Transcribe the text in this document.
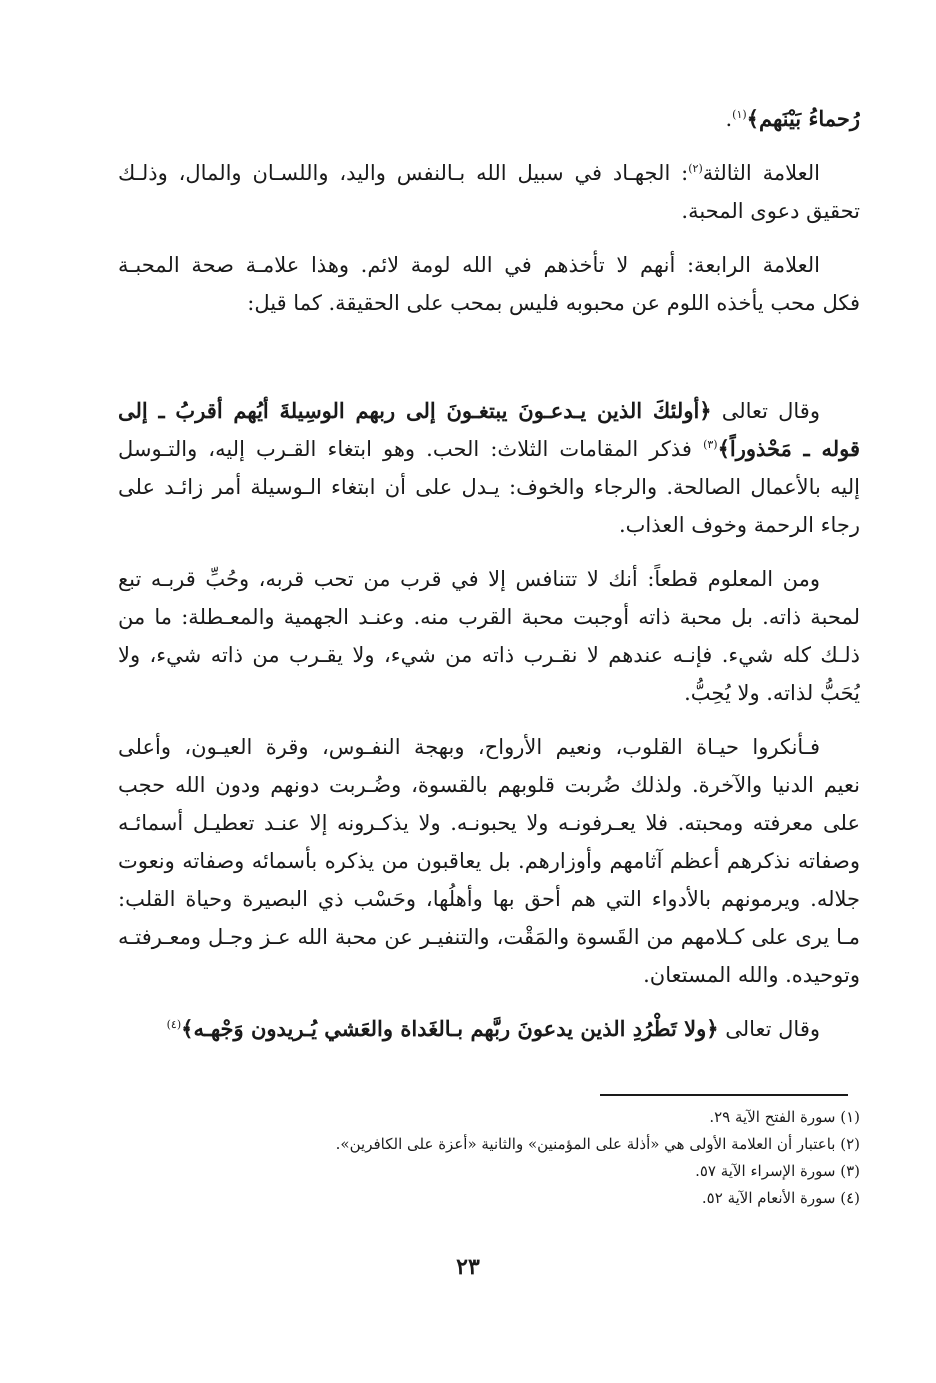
رُحماءُ بَيْنَهم﴾$^{(١)}$.
العلامة الثالثة$^{(٢)}$: الجهـاد في سبيل الله بـالنفس واليد، واللسـان والمال، وذلـك
تحقيق دعوى المحبة.
العلامة الرابعة: أنهم لا تأخذهم في الله لومة لائم. وهذا علامـة صحة المحبـة
فكل محب يأخذه اللوم عن محبوبه فليس بمحب على الحقيقة. كما قيل:
وقال تعالى ﴿أولئكَ الذين يـدعـونَ يبتغـونَ إلى ربهم الوسِيلةَ أيُهم أقربُ ـ إلى
قوله ـ مَحْذوراً﴾$^{(٣)}$ فذكر المقامات الثلاث: الحب. وهو ابتغاء القـرب إليه، والتـوسل
إليه بالأعمال الصالحة. والرجاء والخوف: يـدل على أن ابتغاء الـوسيلة أمر زائـد على
رجاء الرحمة وخوف العذاب.
ومن المعلوم قطعاً: أنك لا تتنافس إلا في قرب من تحب قربه، وحُبِّ قربـه تبع
لمحبة ذاته. بل محبة ذاته أوجبت محبة القرب منه. وعنـد الجهمية والمعـطلة: ما من
ذلـك كله شيء. فإنـه عندهم لا نقـرب ذاته من شيء، ولا يقـرب من ذاته شيء، ولا
يُحَبُّ لذاته. ولا يُحِبُّ.
فـأنكروا حيـاة القلوب، ونعيم الأرواح، وبهجة النفـوس، وقرة العيـون، وأعلى
نعيم الدنيا والآخرة. ولذلك ضُربت قلوبهم بالقسوة، وضُـربت دونهم ودون الله حجب
على معرفته ومحبته. فلا يعـرفونـه ولا يحبونـه. ولا يذكـرونه إلا عنـد تعطيـل أسمائـه
وصفاته نذكرهم أعظم آثامهم وأوزارهم. بل يعاقبون من يذكره بأسمائه وصفاته ونعوت
جلاله. ويرمونهم بالأدواء التي هم أحق بها وأهلُها، وحَسْب ذي البصيرة وحياة القلب:
مـا يرى على كـلامهم من القَسوة والمَقْت، والتنفيـر عن محبة الله عـز وجـل ومعـرفتـه
وتوحيده. والله المستعان.
وقال تعالى ﴿ولا تَطْرُدِ الذين يدعونَ ربَّهم بـالغَداة والعَشي يُـريدون وَجْهـه﴾$^{(٤)}$
(١) سورة الفتح الآية ٢٩.
(٢) باعتبار أن العلامة الأولى هي «أذلة على المؤمنين» والثانية «أعزة على الكافرين».
(٣) سورة الإسراء الآية ٥٧.
(٤) سورة الأنعام الآية ٥٢.
٢٣
